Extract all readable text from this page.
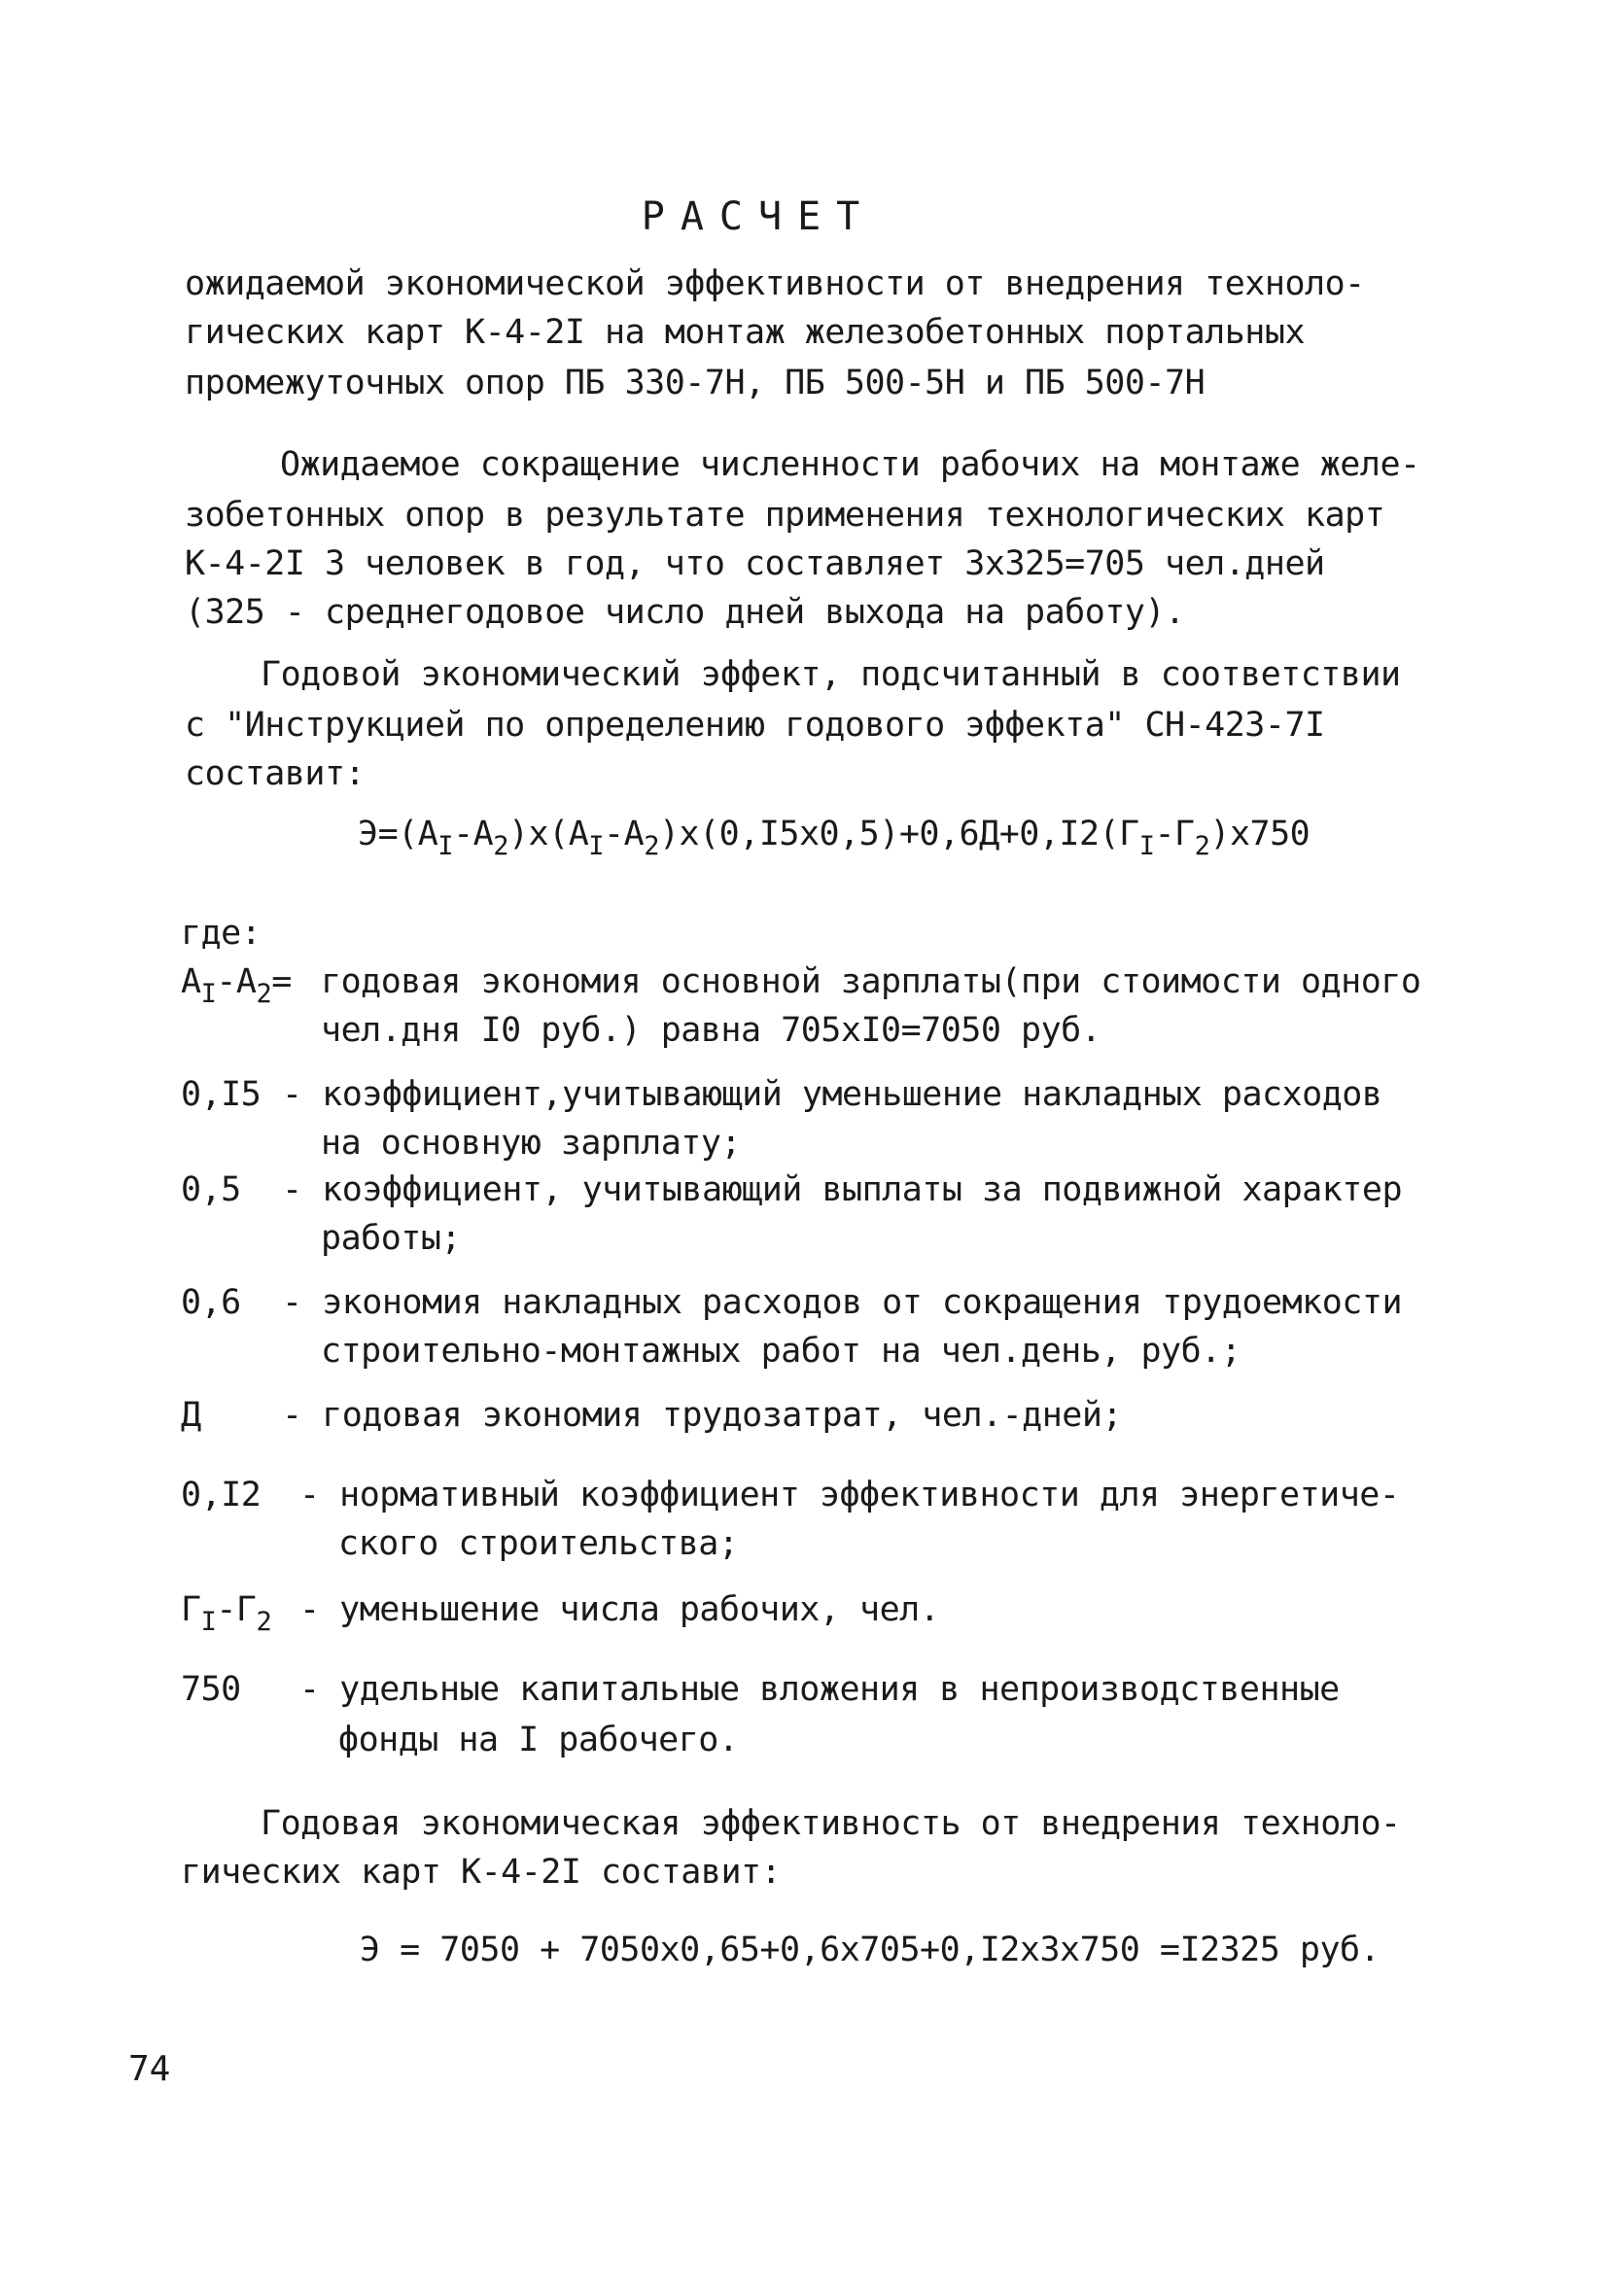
РАСЧЕТ
ожидаемой экономической эффективности от внедрения техноло-
гических карт К-4-2I на монтаж железобетонных портальных
промежуточных опор ПБ 330-7Н, ПБ 500-5Н и ПБ 500-7Н
Ожидаемое сокращение численности рабочих на монтаже желе-
зобетонных опор в результате применения технологических карт
К-4-2I 3 человек в год, что составляет 3х325=705 чел.дней
(325 - среднегодовое число дней выхода на работу).
Годовой экономический эффект, подсчитанный в соответствии
с "Инструкцией по определению годового эффекта" СН-423-7I
составит:
$Э=(А_I-А_2)х(А_I-А_2)х(0,I5х0,5)+0,6Д+0,I2(Г_I-Г_2)х750$
где:
$А_I-А_2=$ годовая экономия основной зарплаты(при стоимости одного
чел.дня I0 руб.) равна 705хI0=7050 руб.
0,I5 - коэффициент,учитывающий уменьшение накладных расходов
на основную зарплату;
0,5 - коэффициент, учитывающий выплаты за подвижной характер
работы;
0,6 - экономия накладных расходов от сокращения трудоемкости
строительно-монтажных работ на чел.день, руб.;
Д - годовая экономия трудозатрат, чел.-дней;
0,I2 - нормативный коэффициент эффективности для энергетиче-
ского строительства;
$Г_I-Г_2$ - уменьшение числа рабочих, чел.
750 - удельные капитальные вложения в непроизводственные
фонды на I рабочего.
Годовая экономическая эффективность от внедрения техноло-
гических карт К-4-2I составит:
Э = 7050 + 7050х0,65+0,6х705+0,I2х3х750 =I2325 руб.
74
